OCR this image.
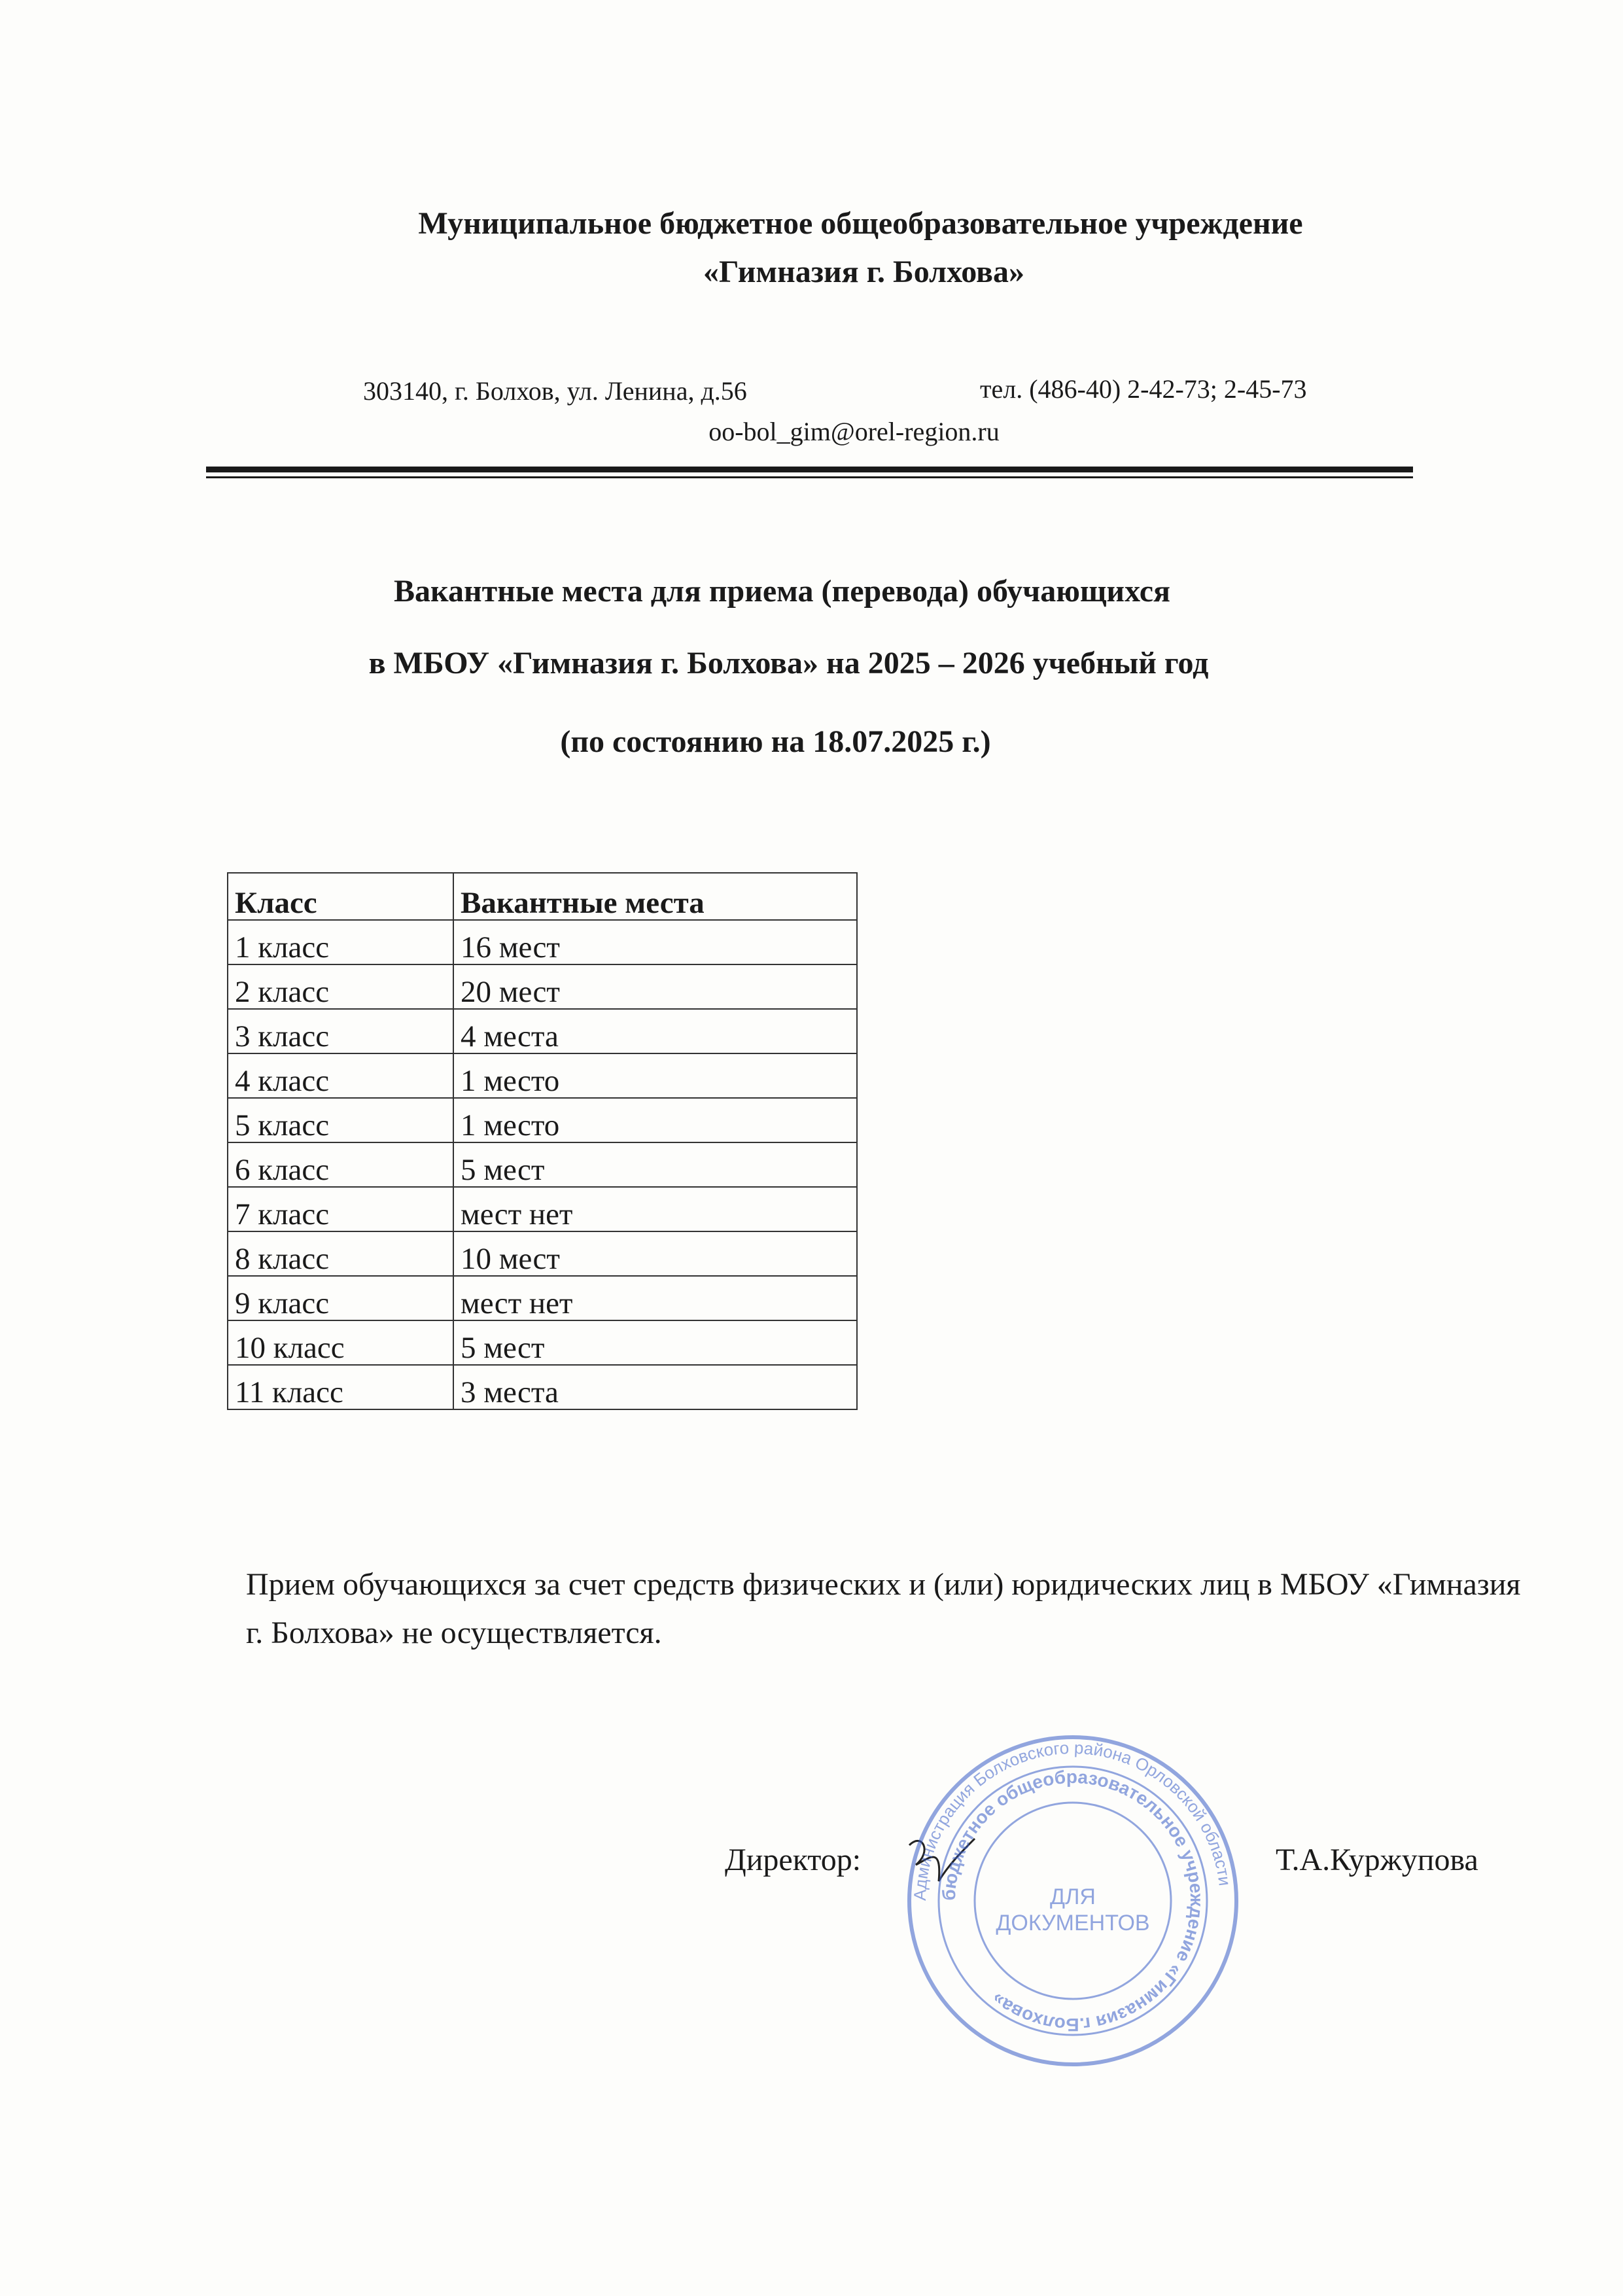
Муниципальное бюджетное общеобразовательное учреждение
«Гимназия г. Болхова»
303140, г. Болхов, ул. Ленина, д.56	тел. (486-40) 2-42-73; 2-45-73
oo-bol_gim@orel-region.ru
Вакантные места для приема (перевода) обучающихся
в МБОУ «Гимназия г. Болхова» на 2025 – 2026 учебный год
(по состоянию на 18.07.2025 г.)
Класс	Вакантные места
1 класс	16 мест
2 класс	20 мест
3 класс	4 места
4 класс	1 место
5 класс	1 место
6 класс	5 мест
7 класс	мест нет
8 класс	10 мест
9 класс	мест нет
10 класс	5 мест
11 класс	3 места
Прием обучающихся за счет средств физических и (или) юридических лиц в МБОУ «Гимназия г. Болхова» не осуществляется.
Директор:
Администрация Болховского района Орловской области
бюджетное общеобразовательное учреждение «Гимназия г.Болхова»
ДЛЯ
ДОКУМЕНТОВ
Т.А.Куржупова
